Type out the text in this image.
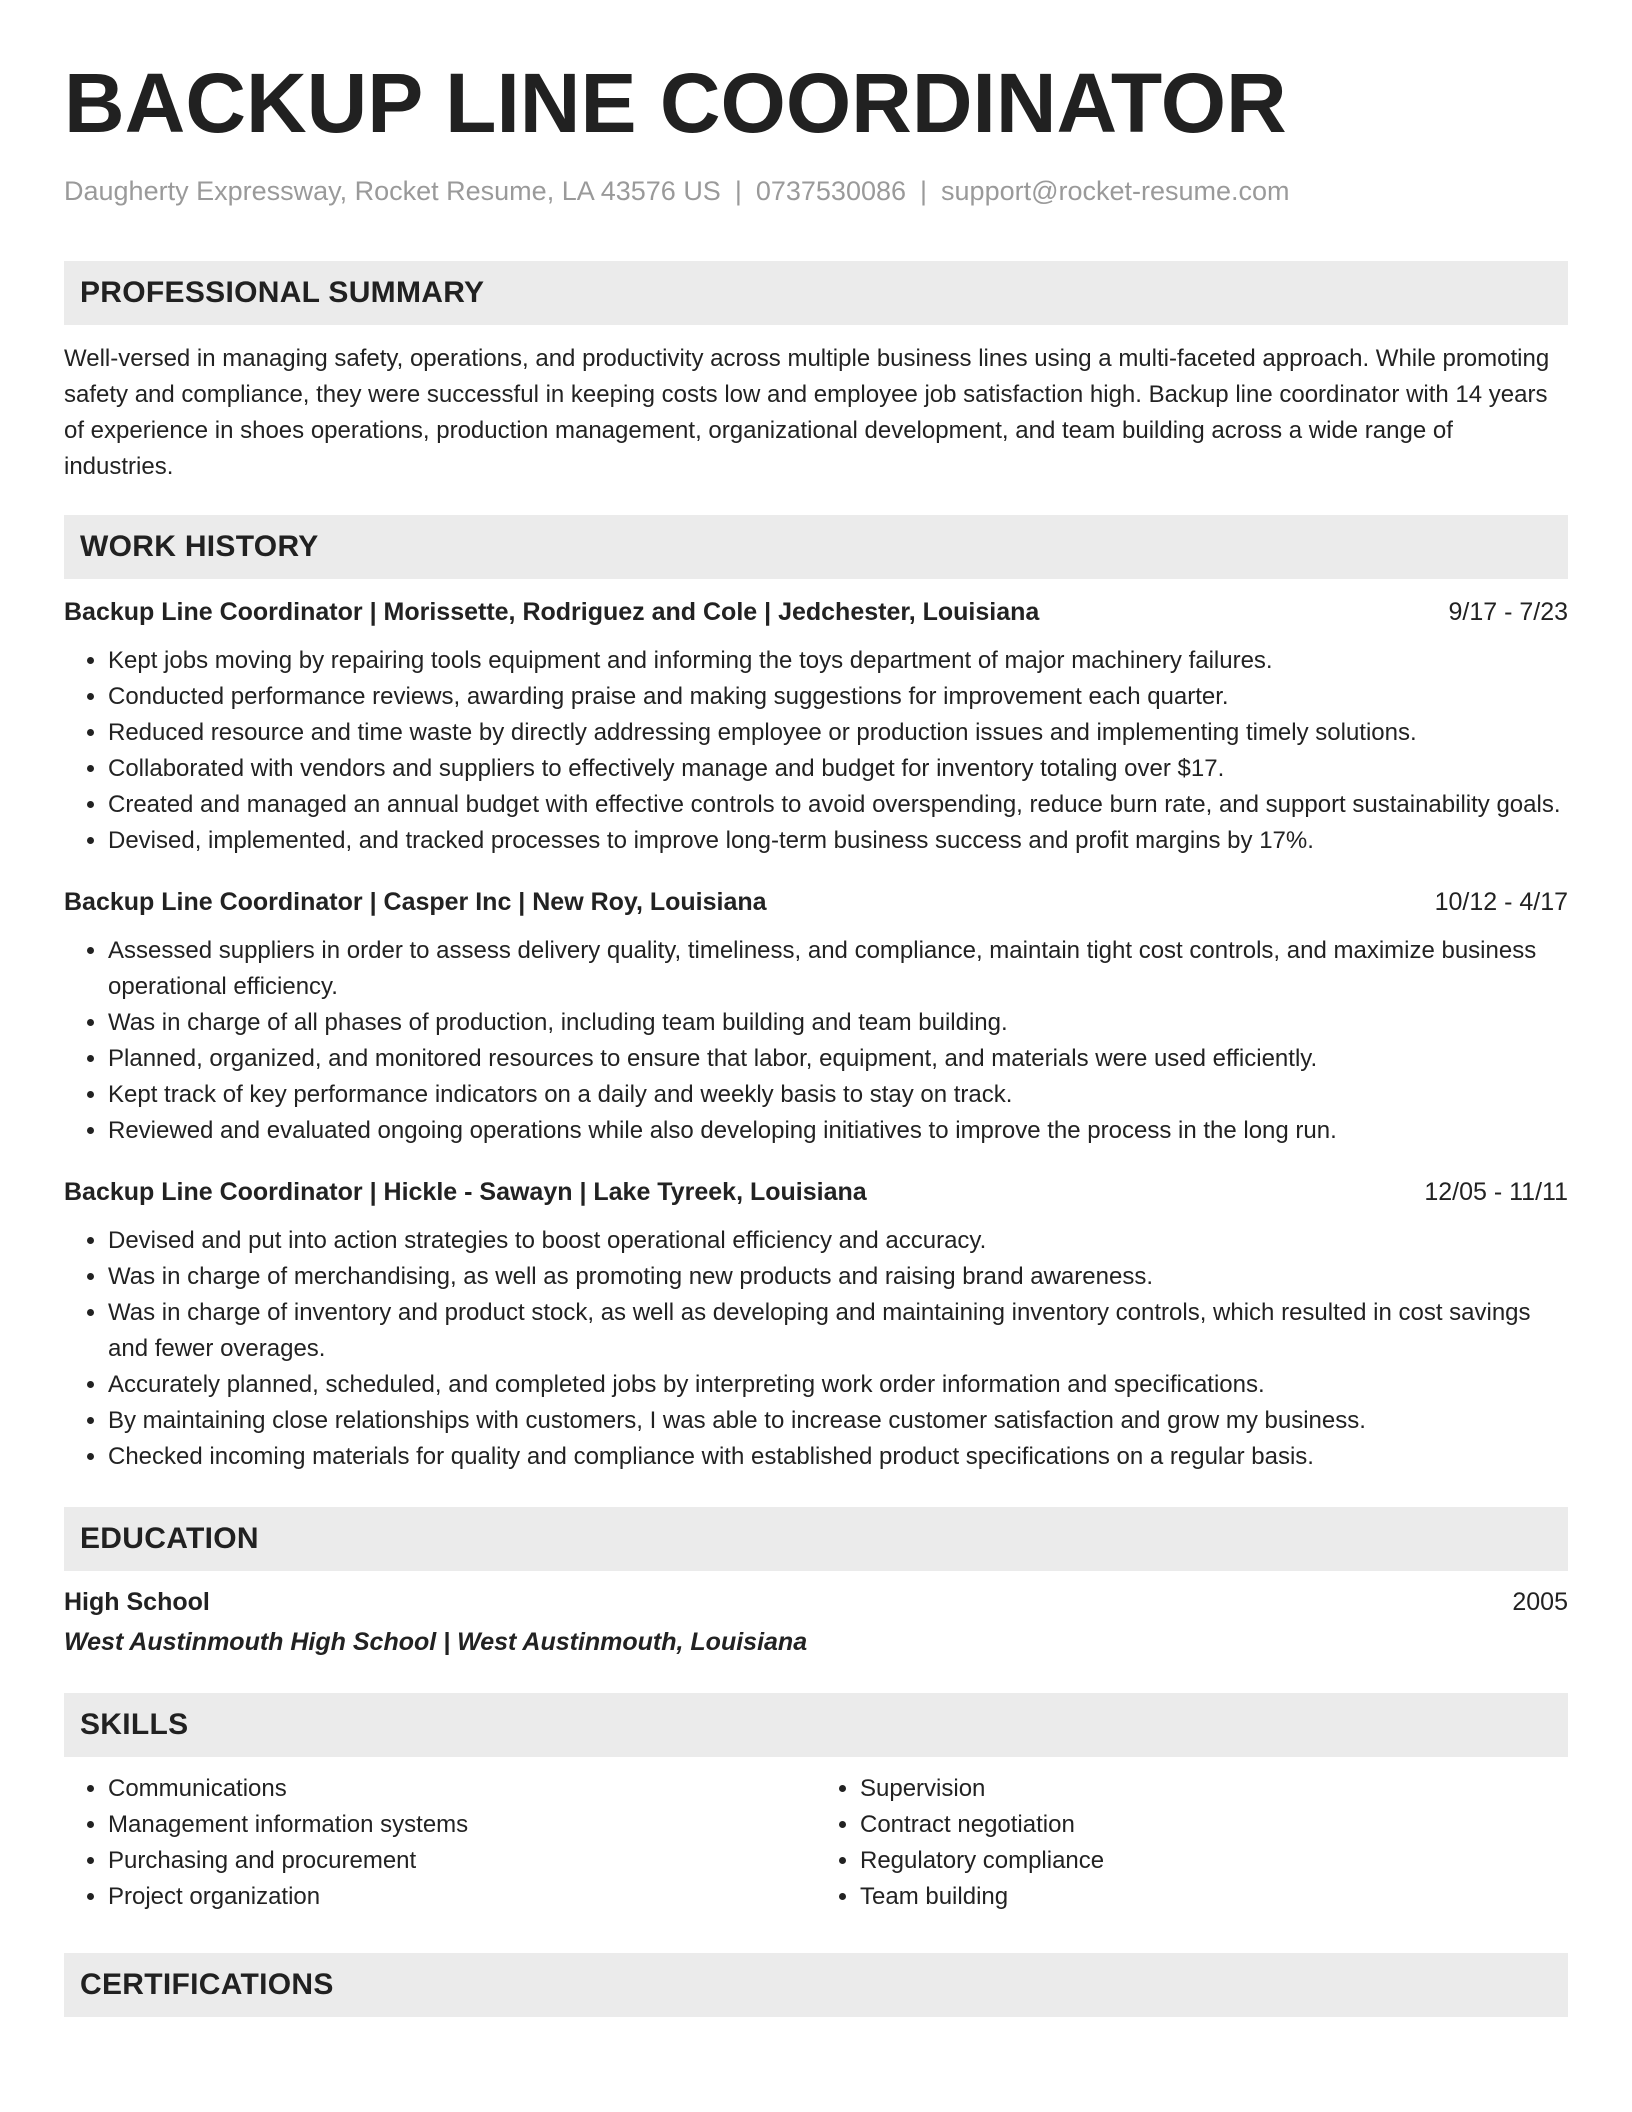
BACKUP LINE COORDINATOR
Daugherty Expressway, Rocket Resume, LA 43576 US | 0737530086 | support@rocket-resume.com
PROFESSIONAL SUMMARY

Well-versed in managing safety, operations, and productivity across multiple business lines using a multi-faceted approach. While promoting safety and compliance, they were successful in keeping costs low and employee job satisfaction high. Backup line coordinator with 14 years of experience in shoes operations, production management, organizational development, and team building across a wide range of industries.

WORK HISTORY
Backup Line Coordinator | Morissette, Rodriguez and Cole | Jedchester, Louisiana	9/17 - 7/23
• Kept jobs moving by repairing tools equipment and informing the toys department of major machinery failures.
• Conducted performance reviews, awarding praise and making suggestions for improvement each quarter.
• Reduced resource and time waste by directly addressing employee or production issues and implementing timely solutions.
• Collaborated with vendors and suppliers to effectively manage and budget for inventory totaling over $17.
• Created and managed an annual budget with effective controls to avoid overspending, reduce burn rate, and support sustainability goals.
• Devised, implemented, and tracked processes to improve long-term business success and profit margins by 17%.
Backup Line Coordinator | Casper Inc | New Roy, Louisiana	10/12 - 4/17
• Assessed suppliers in order to assess delivery quality, timeliness, and compliance, maintain tight cost controls, and maximize business operational efficiency.
• Was in charge of all phases of production, including team building and team building.
• Planned, organized, and monitored resources to ensure that labor, equipment, and materials were used efficiently.
• Kept track of key performance indicators on a daily and weekly basis to stay on track.
• Reviewed and evaluated ongoing operations while also developing initiatives to improve the process in the long run.
Backup Line Coordinator | Hickle - Sawayn | Lake Tyreek, Louisiana	12/05 - 11/11
• Devised and put into action strategies to boost operational efficiency and accuracy.
• Was in charge of merchandising, as well as promoting new products and raising brand awareness.
• Was in charge of inventory and product stock, as well as developing and maintaining inventory controls, which resulted in cost savings and fewer overages.
• Accurately planned, scheduled, and completed jobs by interpreting work order information and specifications.
• By maintaining close relationships with customers, I was able to increase customer satisfaction and grow my business.
• Checked incoming materials for quality and compliance with established product specifications on a regular basis.
EDUCATION
High School	2005
West Austinmouth High School | West Austinmouth, Louisiana
SKILLS
• Communications
• Management information systems
• Purchasing and procurement
• Project organization
• Supervision
• Contract negotiation
• Regulatory compliance
• Team building
CERTIFICATIONS
